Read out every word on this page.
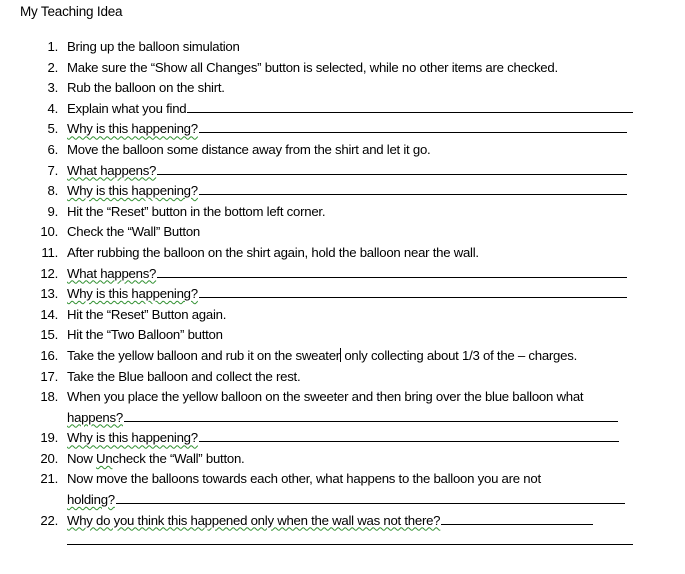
My Teaching Idea
1. Bring up the balloon simulation
2. Make sure the “Show all Changes” button is selected, while no other items are checked.
3. Rub the balloon on the shirt.
4. Explain what you find
5. Why is this happening?
6. Move the balloon some distance away from the shirt and let it go.
7. What happens?
8. Why is this happening?
9. Hit the “Reset” button in the bottom left corner.
10. Check the “Wall” Button
11. After rubbing the balloon on the shirt again, hold the balloon near the wall.
12. What happens?
13. Why is this happening?
14. Hit the “Reset” Button again.
15. Hit the “Two Balloon” button
16. Take the yellow balloon and rub it on the sweater only collecting about 1/3 of the – charges.
17. Take the Blue balloon and collect the rest.
18. When you place the yellow balloon on the sweeter and then bring over the blue balloon what
happens?
19. Why is this happening?
20. Now Uncheck the “Wall” button.
21. Now move the balloons towards each other, what happens to the balloon you are not
holding?
22. Why do you think this happened only when the wall was not there?
